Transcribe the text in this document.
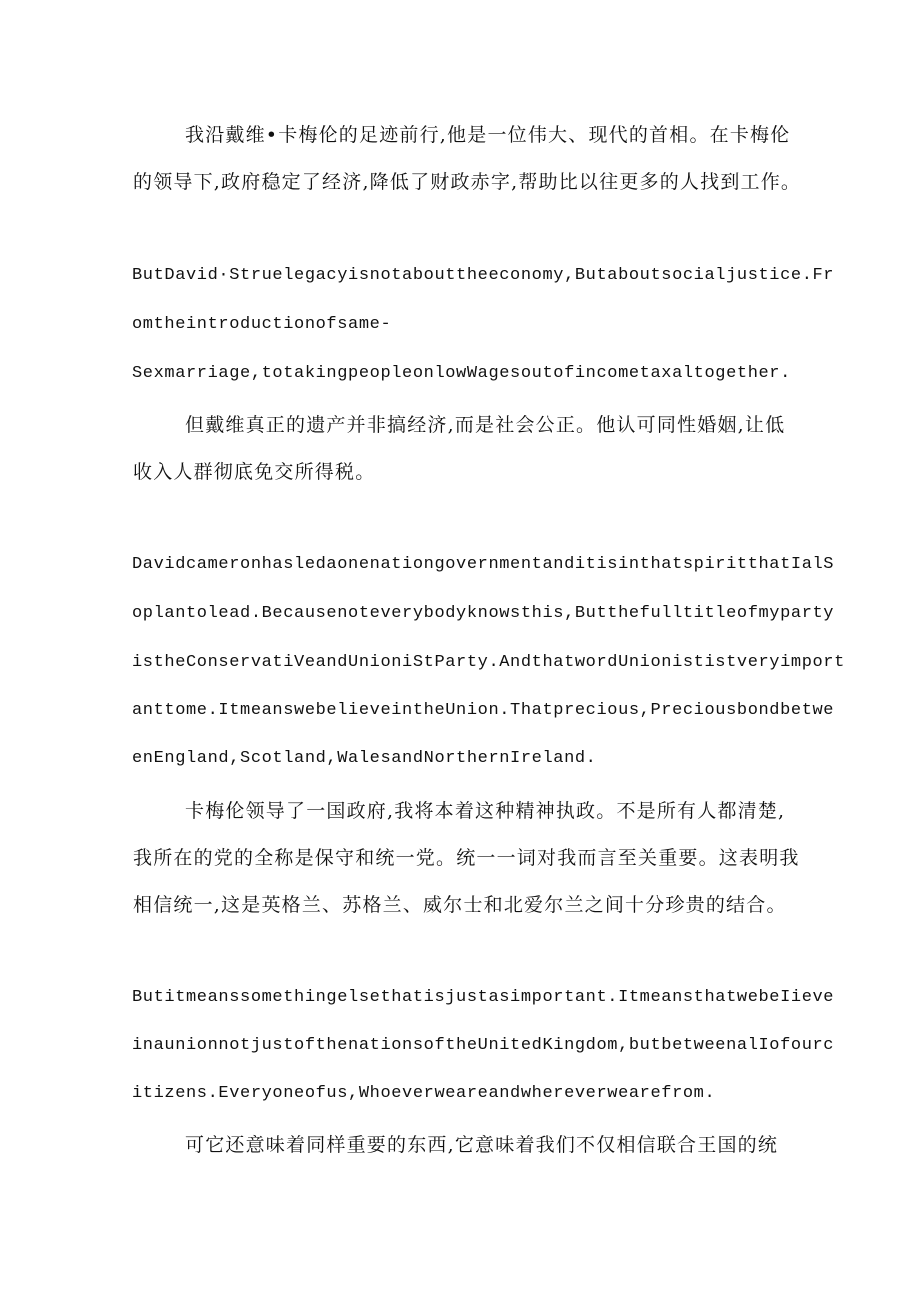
我沿戴维•卡梅伦的足迹前行,他是一位伟大、现代的首相。在卡梅伦

的领导下,政府稳定了经济,降低了财政赤字,帮助比以往更多的人找到工作。

ButDavid·Struelegacyisnotabouttheeconomy,Butaboutsocialjustice.Fr

omtheintroductionofsame-

Sexmarriage,totakingpeopleonlowWagesoutofincometaxaltogether.

但戴维真正的遗产并非搞经济,而是社会公正。他认可同性婚姻,让低

收入人群彻底免交所得税。

DavidcameronhasledaonenationgovernmentanditisinthatspiritthatIalS

oplantolead.Becausenoteverybodyknowsthis,Butthefulltitleofmyparty

istheConservatiVeandUnioniStParty.AndthatwordUnionististveryimport

anttome.ItmeanswebelieveintheUnion.Thatprecious,Preciousbondbetwe

enEngland,Scotland,WalesandNorthernIreland.

卡梅伦领导了一国政府,我将本着这种精神执政。不是所有人都清楚,

我所在的党的全称是保守和统一党。统一一词对我而言至关重要。这表明我

相信统一,这是英格兰、苏格兰、威尔士和北爱尔兰之间十分珍贵的结合。

Butitmeanssomethingelsethatisjustasimportant.ItmeansthatwebeIieve

inaunionnotjustofthenationsoftheUnitedKingdom,butbetweenalIofourc

itizens.Everyoneofus,Whoeverweareandwhereverwearefrom.

可它还意味着同样重要的东西,它意味着我们不仅相信联合王国的统
